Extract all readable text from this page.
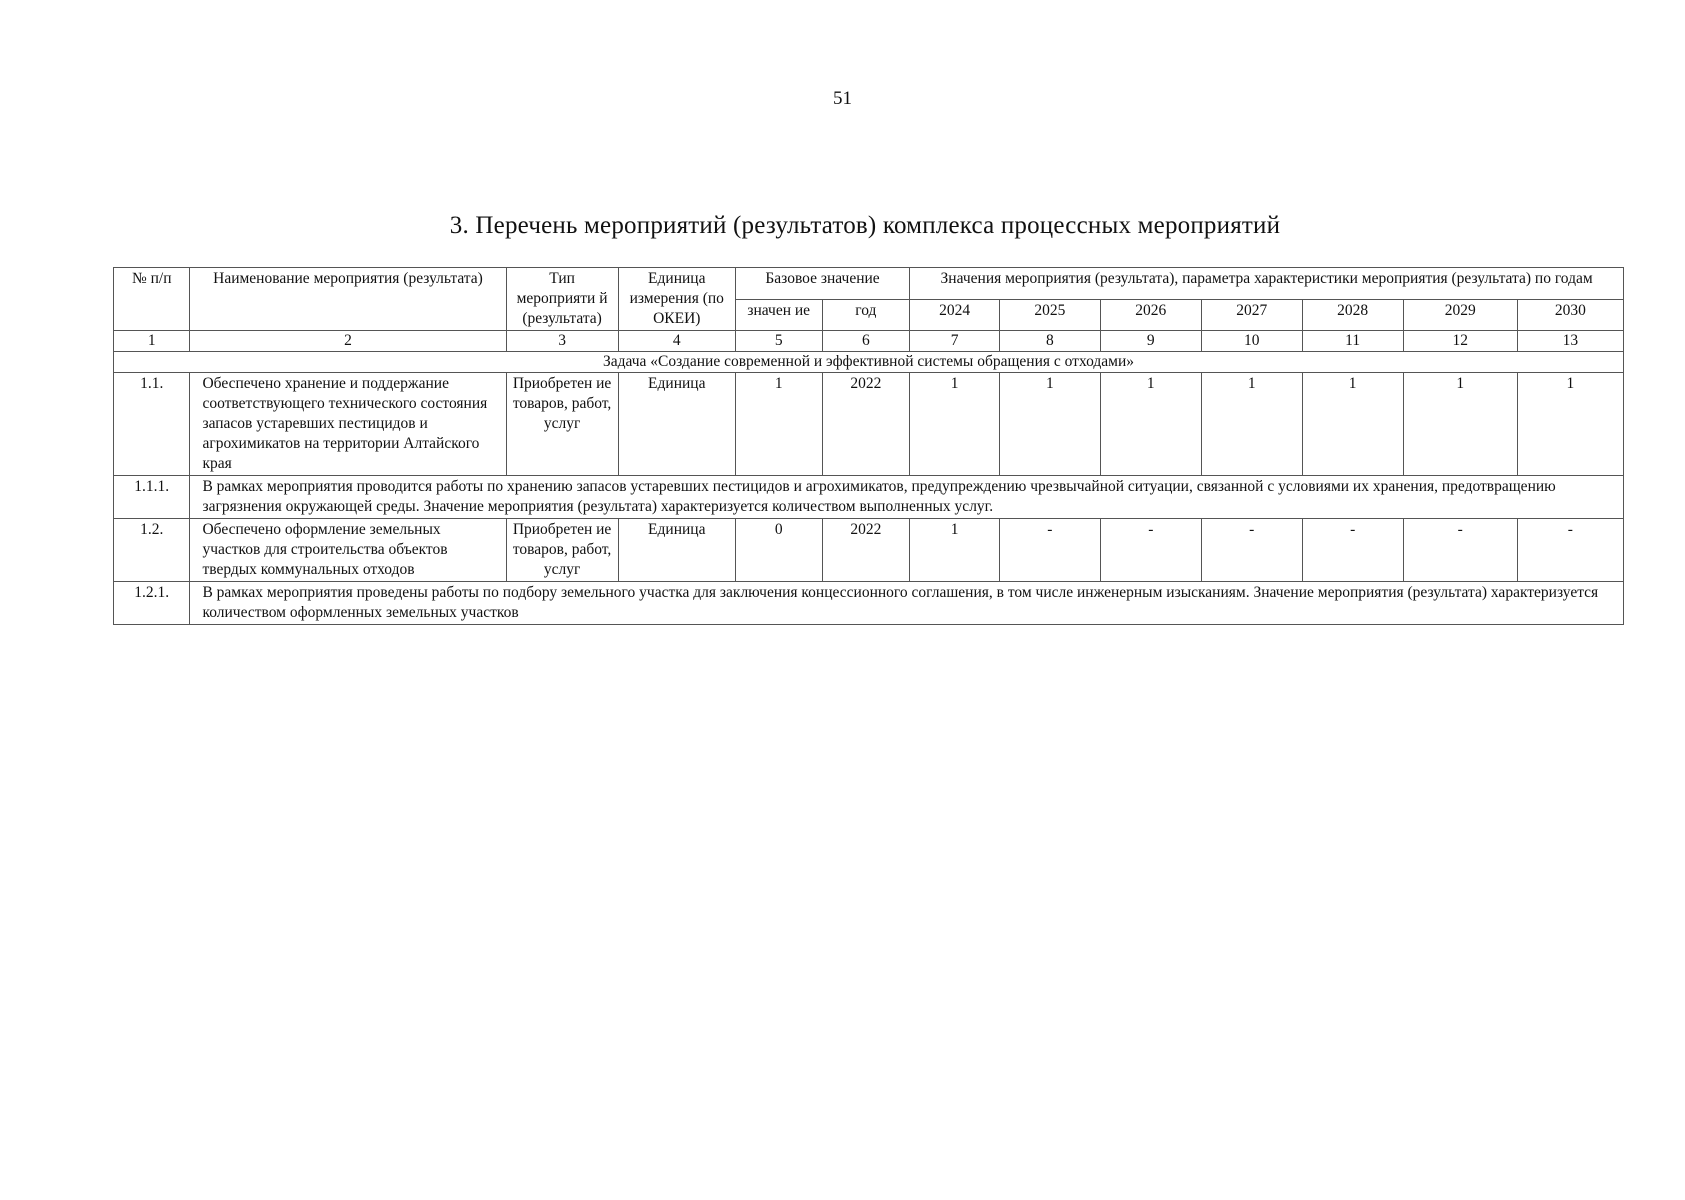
51
3. Перечень мероприятий (результатов) комплекса процессных мероприятий
№ п/п	Наименование мероприятия (результата)	Тип мероприяти й (результата)	Единица измерения (по ОКЕИ)	Базовое значение		Значения мероприятия (результата), параметра характеристики мероприятия (результата) по годам						
				значен ие	год	2024	2025	2026	2027	2028	2029	2030
1	2	3	4	5	6	7	8	9	10	11	12	13
Задача «Создание современной и эффективной системы обращения с отходами»												
1.1.	Обеспечено хранение и поддержание соответствующего технического состояния запасов устаревших пестицидов и агрохимикатов на территории Алтайского края	Приобретен ие товаров, работ, услуг	Единица	1	2022	1	1	1	1	1	1	1
1.1.1.	В рамках мероприятия проводится работы по хранению запасов устаревших пестицидов и агрохимикатов, предупреждению чрезвычайной ситуации, связанной с условиями их хранения, предотвращению загрязнения окружающей среды. Значение мероприятия (результата) характеризуется количеством выполненных услуг.											
1.2.	Обеспечено оформление земельных участков для строительства объектов твердых коммунальных отходов	Приобретен ие товаров, работ, услуг	Единица	0	2022	1	-	-	-	-	-	-
1.2.1.	В рамках мероприятия проведены работы по подбору земельного участка для заключения концессионного соглашения, в том числе инженерным изысканиям. Значение мероприятия (результата) характеризуется количеством оформленных земельных участков											
